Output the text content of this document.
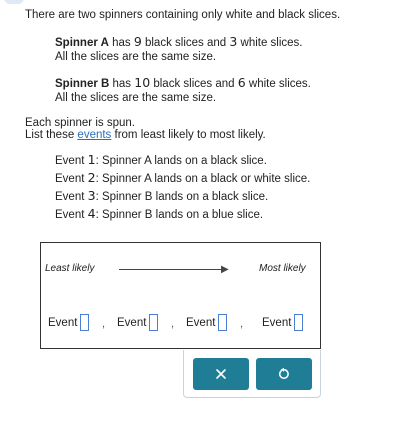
There are two spinners containing only white and black slices.
Spinner A has 9 black slices and 3 white slices.
All the slices are the same size.
Spinner B has 10 black slices and 6 white slices.
All the slices are the same size.
Each spinner is spun.
List these events from least likely to most likely.
Event 1: Spinner A lands on a black slice.
Event 2: Spinner A lands on a black or white slice.
Event 3: Spinner B lands on a black slice.
Event 4: Spinner B lands on a blue slice.
Least likely	▶	Most likely
Event , Event , Event , Event
